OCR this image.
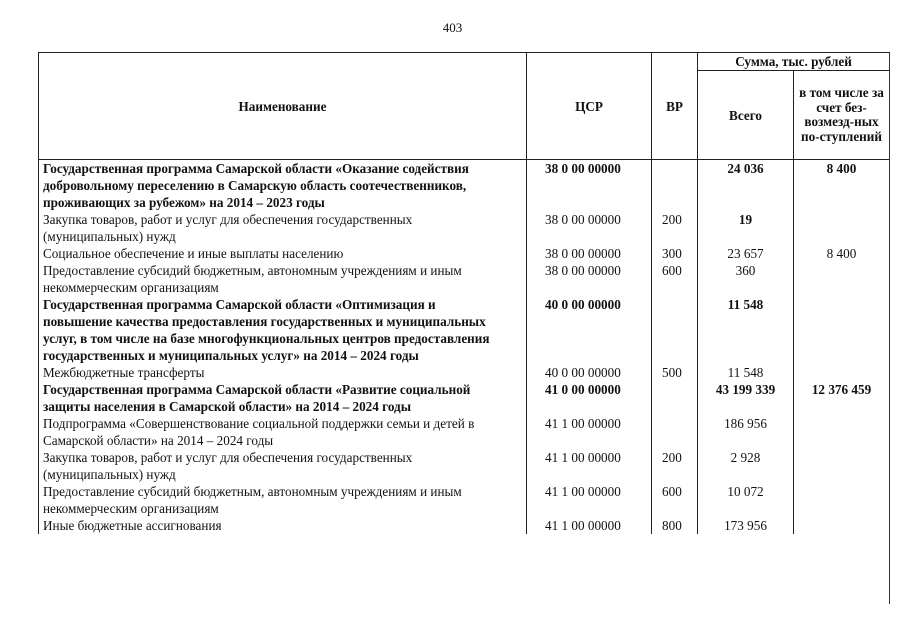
403
Наименование	ЦСР	ВР	Сумма, тыс. рублей	
			Всего	в том числе за счет без-возмезд-ных по-ступлений
Государственная программа Самарской области «Оказание содействия добровольному переселению в Самарскую область соотечественников, проживающих за рубежом» на 2014 – 2023 годы	38 0 00 00000		24 036	8 400
Закупка товаров, работ и услуг для обеспечения государственных (муниципальных) нужд	38 0 00 00000	200	19	
Социальное обеспечение и иные выплаты населению	38 0 00 00000	300	23 657	8 400
Предоставление субсидий бюджетным, автономным учреждениям и иным некоммерческим организациям	38 0 00 00000	600	360	
Государственная программа Самарской области «Оптимизация и повышение качества предоставления государственных и муниципальных услуг, в том числе на базе многофункциональных центров предоставления государственных и муниципальных услуг» на 2014 – 2024 годы	40 0 00 00000		11 548	
Межбюджетные трансферты	40 0 00 00000	500	11 548	
Государственная программа Самарской области «Развитие социальной защиты населения в Самарской области» на 2014 – 2024 годы	41 0 00 00000		43 199 339	12 376 459
Подпрограмма «Совершенствование социальной поддержки семьи и детей в Самарской области» на 2014 – 2024 годы	41 1 00 00000		186 956	
Закупка товаров, работ и услуг для обеспечения государственных (муниципальных) нужд	41 1 00 00000	200	2 928	
Предоставление субсидий бюджетным, автономным учреждениям и иным некоммерческим организациям	41 1 00 00000	600	10 072	
Иные бюджетные ассигнования	41 1 00 00000	800	173 956	
